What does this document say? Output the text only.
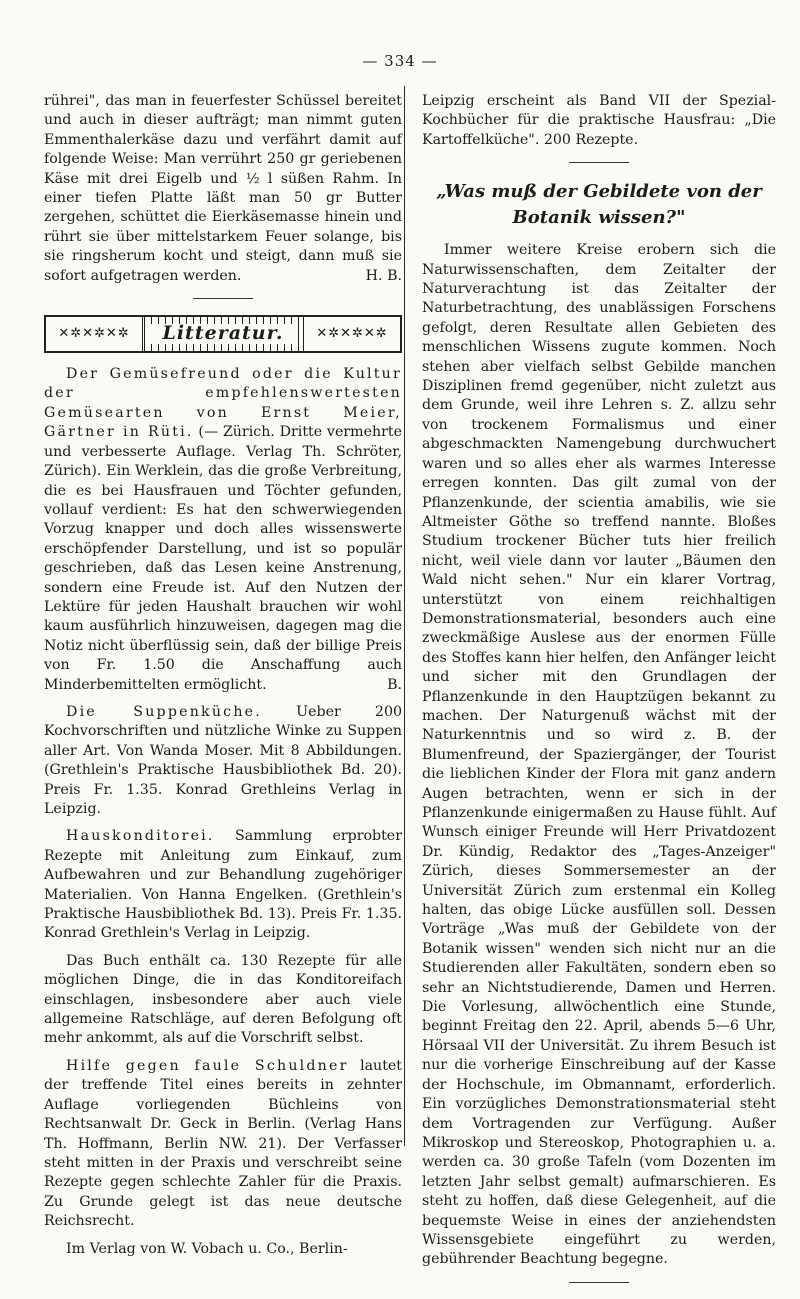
— 334 —

rührei", das man in feuerfester Schüssel bereitet und auch in dieser aufträgt; man nimmt guten Emmenthalerkäse dazu und verfährt damit auf folgende Weise: Man verrührt 250 gr geriebenen Käse mit drei Eigelb und ½ l süßen Rahm. In einer tiefen Platte läßt man 50 gr Butter zergehen, schüttet die Eierkäsemasse hinein und rührt sie über mittelstarkem Feuer solange, bis sie ringsherum kocht und steigt, dann muß sie sofort aufgetragen werden.	H. B.

✕✲✕✲✕✲	Litteratur.	✕✲✕✲✕✲

Der Gemüsefreund oder die Kultur der empfehlenswertesten Gemüsearten von Ernst Meier, Gärtner in Rüti. (— Zürich. Dritte vermehrte und verbesserte Auflage. Verlag Th. Schröter, Zürich). Ein Werklein, das die große Verbreitung, die es bei Hausfrauen und Töchter gefunden, vollauf verdient: Es hat den schwerwiegenden Vorzug knapper und doch alles wissenswerte erschöpfender Darstellung, und ist so populär geschrieben, daß das Lesen keine Anstrenung, sondern eine Freude ist. Auf den Nutzen der Lektüre für jeden Haushalt brauchen wir wohl kaum ausführlich hinzuweisen, dagegen mag die Notiz nicht überflüssig sein, daß der billige Preis von Fr. 1.50 die Anschaffung auch Minderbemittelten ermöglicht.	B.

Die Suppenküche. Ueber 200 Kochvorschriften und nützliche Winke zu Suppen aller Art. Von Wanda Moser. Mit 8 Abbildungen. (Grethlein's Praktische Hausbibliothek Bd. 20). Preis Fr. 1.35. Konrad Grethleins Verlag in Leipzig.

Hauskonditorei. Sammlung erprobter Rezepte mit Anleitung zum Einkauf, zum Aufbewahren und zur Behandlung zugehöriger Materialien. Von Hanna Engelken. (Grethlein's Praktische Hausbibliothek Bd. 13). Preis Fr. 1.35. Konrad Grethlein's Verlag in Leipzig.

Das Buch enthält ca. 130 Rezepte für alle möglichen Dinge, die in das Konditoreifach einschlagen, insbesondere aber auch viele allgemeine Ratschläge, auf deren Befolgung oft mehr ankommt, als auf die Vorschrift selbst.

Hilfe gegen faule Schuldner lautet der treffende Titel eines bereits in zehnter Auflage vorliegenden Büchleins von Rechtsanwalt Dr. Geck in Berlin. (Verlag Hans Th. Hoffmann, Berlin NW. 21). Der Verfasser steht mitten in der Praxis und verschreibt seine Rezepte gegen schlechte Zahler für die Praxis. Zu Grunde gelegt ist das neue deutsche Reichsrecht.

Im Verlag von W. Vobach u. Co., Berlin-

Leipzig erscheint als Band VII der Spezial-Kochbücher für die praktische Hausfrau: „Die Kartoffelküche". 200 Rezepte.

„Was muß der Gebildete von der Botanik wissen?"

Immer weitere Kreise erobern sich die Naturwissenschaften, dem Zeitalter der Naturverachtung ist das Zeitalter der Naturbetrachtung, des unablässigen Forschens gefolgt, deren Resultate allen Gebieten des menschlichen Wissens zugute kommen. Noch stehen aber vielfach selbst Gebilde manchen Disziplinen fremd gegenüber, nicht zuletzt aus dem Grunde, weil ihre Lehren s. Z. allzu sehr von trockenem Formalismus und einer abgeschmackten Namengebung durchwuchert waren und so alles eher als warmes Interesse erregen konnten. Das gilt zumal von der Pflanzenkunde, der scientia amabilis, wie sie Altmeister Göthe so treffend nannte. Bloßes Studium trockener Bücher tuts hier freilich nicht, weil viele dann vor lauter „Bäumen den Wald nicht sehen." Nur ein klarer Vortrag, unterstützt von einem reichhaltigen Demonstrationsmaterial, besonders auch eine zweckmäßige Auslese aus der enormen Fülle des Stoffes kann hier helfen, den Anfänger leicht und sicher mit den Grundlagen der Pflanzenkunde in den Hauptzügen bekannt zu machen. Der Naturgenuß wächst mit der Naturkenntnis und so wird z. B. der Blumenfreund, der Spaziergänger, der Tourist die lieblichen Kinder der Flora mit ganz andern Augen betrachten, wenn er sich in der Pflanzenkunde einigermaßen zu Hause fühlt. Auf Wunsch einiger Freunde will Herr Privatdozent Dr. Kündig, Redaktor des „Tages-Anzeiger" Zürich, dieses Sommersemester an der Universität Zürich zum erstenmal ein Kolleg halten, das obige Lücke ausfüllen soll. Dessen Vorträge „Was muß der Gebildete von der Botanik wissen" wenden sich nicht nur an die Studierenden aller Fakultäten, sondern eben so sehr an Nichtstudierende, Damen und Herren. Die Vorlesung, allwöchentlich eine Stunde, beginnt Freitag den 22. April, abends 5—6 Uhr, Hörsaal VII der Universität. Zu ihrem Besuch ist nur die vorherige Einschreibung auf der Kasse der Hochschule, im Obmannamt, erforderlich. Ein vorzügliches Demonstrationsmaterial steht dem Vortragenden zur Verfügung. Außer Mikroskop und Stereoskop, Photographien u. a. werden ca. 30 große Tafeln (vom Dozenten im letzten Jahr selbst gemalt) aufmarschieren. Es steht zu hoffen, daß diese Gelegenheit, auf die bequemste Weise in eines der anziehendsten Wissensgebiete eingeführt zu werden, gebührender Beachtung begegne.
